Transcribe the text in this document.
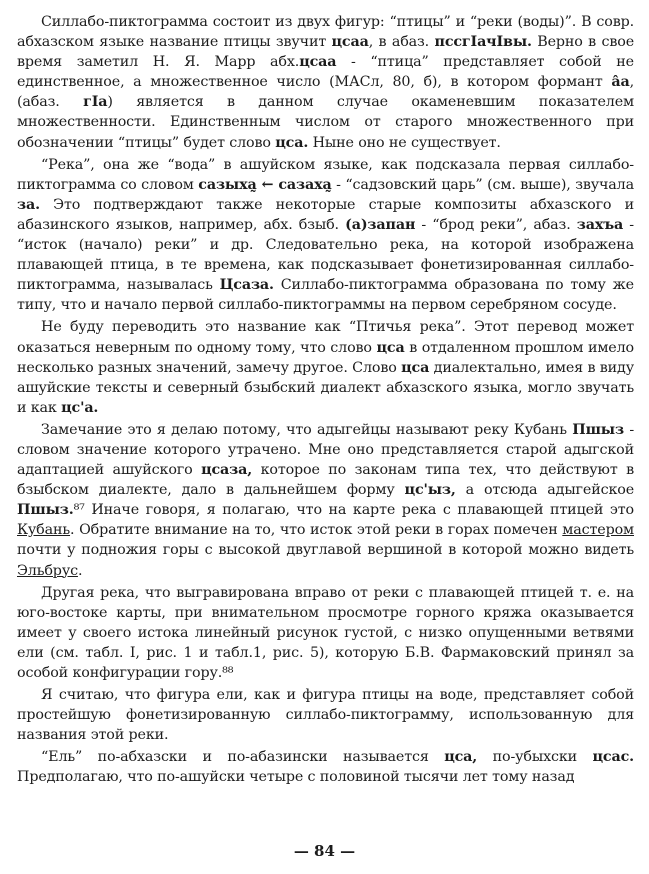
Силлабо-пиктограмма состоит из двух фигур: “птицы” и “реки (воды)”. В совр. абхазском языке название птицы звучит цсаа, в абаз. пссгIачIвы. Верно в свое время заметил Н. Я. Марр абх.цсаа - “птица” представляет собой не единственное, а множественное число (МАСл, 80, б), в котором формант а̂а, (абаз. гIа) является в данном случае окаменевшим показателем множественности. Единственным числом от старого множественного при обозначении “птицы” будет слово цса. Ныне оно не существует.

“Река”, она же “вода” в ашуйском языке, как подсказала первая силлабо-пиктограмма со словом сазыха̰ ← сазаха̰ - “садзовский царь” (см. выше), звучала за. Это подтверждают также некоторые старые композиты абхазского и абазинского языков, например, абх. бзыб. (а)запан - “брод реки”, абаз. захъа - “исток (начало) реки” и др. Следовательно река, на которой изображена плавающей птица, в те времена, как подсказывает фонетизированная силлабо-пиктограмма, называлась Цсаза. Силлабо-пиктограмма образована по тому же типу, что и начало первой силлабо-пиктограммы на первом серебряном сосуде.

Не буду переводить это название как “Птичья река”. Этот перевод может оказаться неверным по одному тому, что слово цса в отдаленном прошлом имело несколько разных значений, замечу другое. Слово цса диалектально, имея в виду ашуйские тексты и северный бзыбский диалект абхазского языка, могло звучать и как цс'а.

Замечание это я делаю потому, что адыгейцы называют реку Кубань Пшыз - словом значение которого утрачено. Мне оно представляется старой адыгской адаптацией ашуйского цсаза, которое по законам типа тех, что действуют в бзыбском диалекте, дало в дальнейшем форму цс'ыз, а отсюда адыгейское Пшыз.⁸⁷ Иначе говоря, я полагаю, что на карте река с плавающей птицей это Кубань. Обратите внимание на то, что исток этой реки в горах помечен мастером почти у подножия горы с высокой двуглавой вершиной в которой можно видеть Эльбрус.

Другая река, что выгравирована вправо от реки с плавающей птицей т. е. на юго-востоке карты, при внимательном просмотре горного кряжа оказывается имеет у своего истока линейный рисунок густой, с низко опущенными ветвями ели (см. табл. I, рис. 1 и табл.1, рис. 5), которую Б.В. Фармаковский принял за особой конфигурации гору.⁸⁸

Я считаю, что фигура ели, как и фигура птицы на воде, представляет собой простейшую фонетизированную силлабо-пиктограмму, использованную для названия этой реки.

“Ель” по-абхазски и по-абазински называется цса, по-убыхски цсас. Предполагаю, что по-ашуйски четыре с половиной тысячи лет тому назад

— 84 —
